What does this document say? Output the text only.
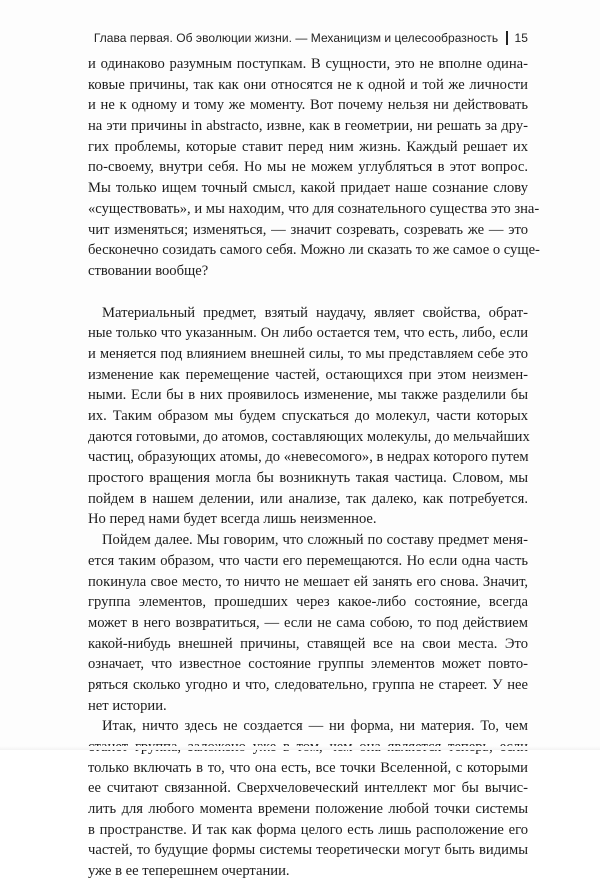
Глава первая. Об эволюции жизни. — Механицизм и целесообразность 15

и одинаково разумным поступкам. В сущности, это не вполне одина-
ковые причины, так как они относятся не к одной и той же личности
и не к одному и тому же моменту. Вот почему нельзя ни действовать
на эти причины in abstracto, извне, как в геометрии, ни решать за дру-
гих проблемы, которые ставит перед ним жизнь. Каждый решает их
по-своему, внутри себя. Но мы не можем углубляться в этот вопрос.
Мы только ищем точный смысл, какой придает наше сознание слову
«существовать», и мы находим, что для сознательного существа это зна-
чит изменяться; изменяться, — значит созревать, созревать же — это
бесконечно созидать самого себя. Можно ли сказать то же самое о суще-
ствовании вообще?

Материальный предмет, взятый наудачу, являет свойства, обрат-
ные только что указанным. Он либо остается тем, что есть, либо, если
и меняется под влиянием внешней силы, то мы представляем себе это
изменение как перемещение частей, остающихся при этом неизмен-
ными. Если бы в них проявилось изменение, мы также разделили бы
их. Таким образом мы будем спускаться до молекул, части которых
даются готовыми, до атомов, составляющих молекулы, до мельчайших
частиц, образующих атомы, до «невесомого», в недрах которого путем
простого вращения могла бы возникнуть такая частица. Словом, мы
пойдем в нашем делении, или анализе, так далеко, как потребуется.
Но перед нами будет всегда лишь неизменное.

Пойдем далее. Мы говорим, что сложный по составу предмет меня-
ется таким образом, что части его перемещаются. Но если одна часть
покинула свое место, то ничто не мешает ей занять его снова. Значит,
группа элементов, прошедших через какое-либо состояние, всегда
может в него возвратиться, — если не сама собою, то под действием
какой-нибудь внешней причины, ставящей все на свои места. Это
означает, что известное состояние группы элементов может повто-
ряться сколько угодно и что, следовательно, группа не стареет. У нее
нет истории.

Итак, ничто здесь не создается — ни форма, ни материя. То, чем
только включать в то, что она есть, все точки Вселенной, с которыми
ее считают связанной. Сверхчеловеческий интеллект мог бы вычис-
лить для любого момента времени положение любой точки системы
в пространстве. И так как форма целого есть лишь расположение его
частей, то будущие формы системы теоретически могут быть видимы
уже в ее теперешнем очертании.
